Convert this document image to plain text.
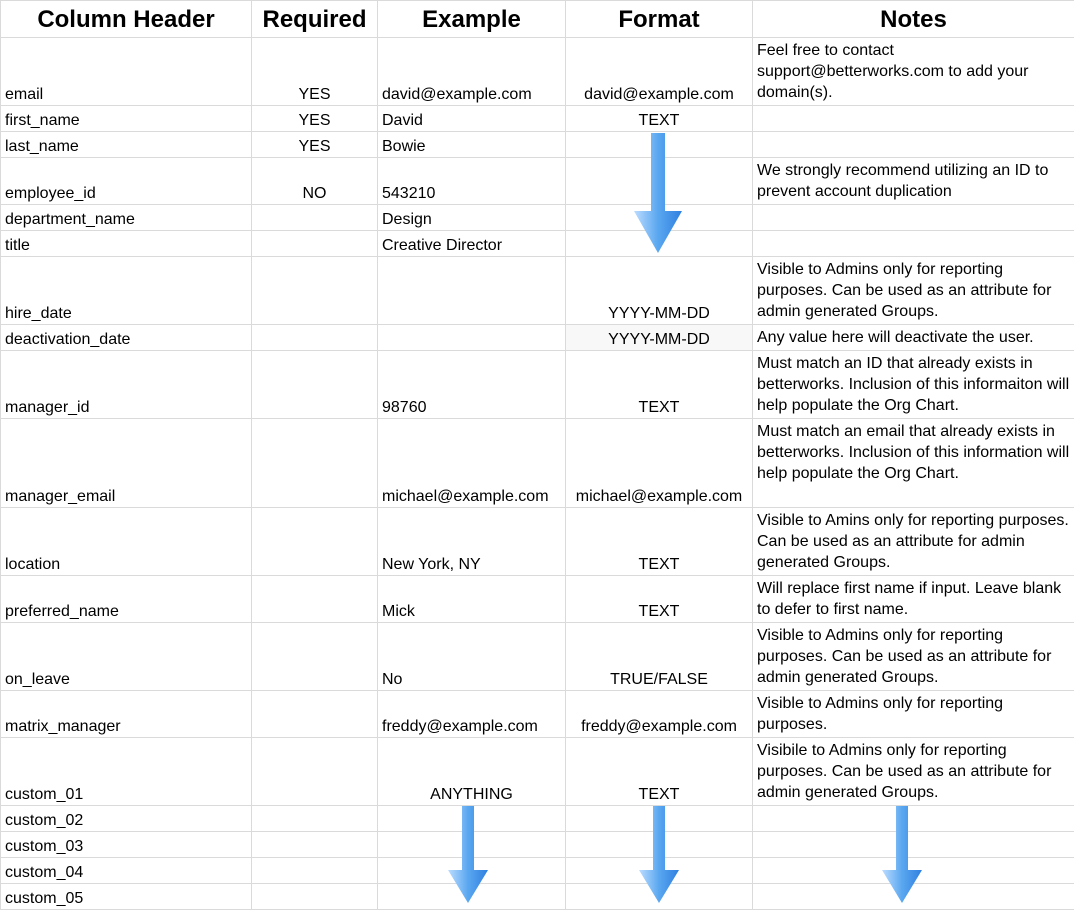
Column Header	Required	Example	Format	Notes
email	YES	david@example.com	david@example.com	Feel free to contact support@betterworks.com to add your domain(s).
first_name	YES	David	TEXT	
last_name	YES	Bowie		
employee_id	NO	543210		We strongly recommend utilizing an ID to prevent account duplication
department_name		Design		
title		Creative Director		
hire_date			YYYY-MM-DD	Visible to Admins only for reporting purposes. Can be used as an attribute for admin generated Groups.
deactivation_date			YYYY-MM-DD	Any value here will deactivate the user.
manager_id		98760	TEXT	Must match an ID that already exists in betterworks. Inclusion of this informaiton will help populate the Org Chart.
manager_email		michael@example.com	michael@example.com	Must match an email that already exists in betterworks. Inclusion of this information will help populate the Org Chart.
location		New York, NY	TEXT	Visible to Amins only for reporting purposes. Can be used as an attribute for admin generated Groups.
preferred_name		Mick	TEXT	Will replace first name if input. Leave blank to defer to first name.
on_leave		No	TRUE/FALSE	Visible to Admins only for reporting purposes. Can be used as an attribute for admin generated Groups.
matrix_manager		freddy@example.com	freddy@example.com	Visible to Admins only for reporting purposes.
custom_01		ANYTHING	TEXT	Visibile to Admins only for reporting purposes. Can be used as an attribute for admin generated Groups.
custom_02				
custom_03				
custom_04				
custom_05				
